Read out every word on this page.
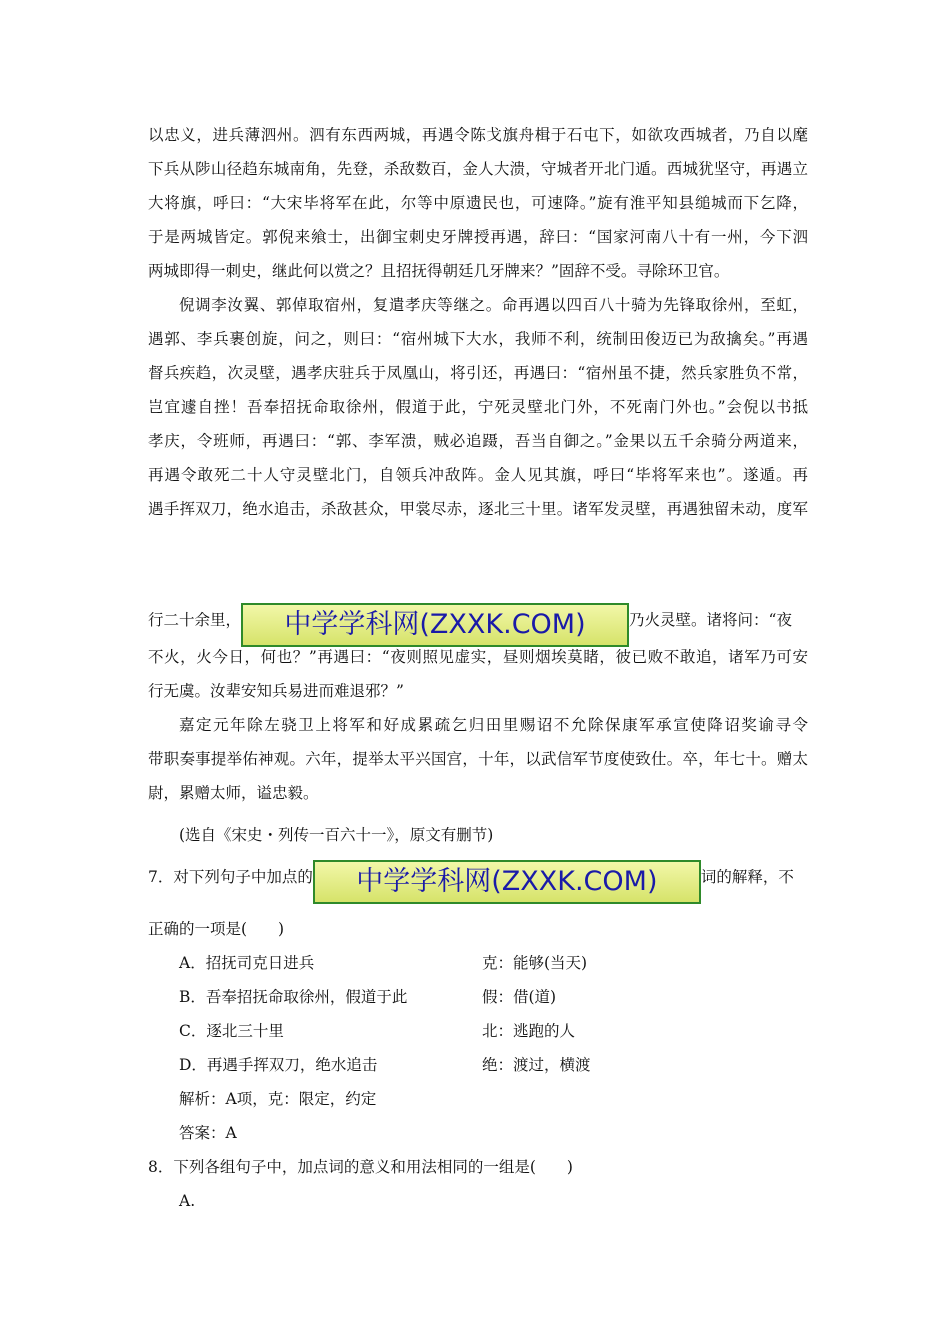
以忠义，进兵薄泗州。泗有东西两城，再遇令陈戈旗舟楫于石屯下，如欲攻西城者，乃自以麾
下兵从陟山径趋东城南角，先登，杀敌数百，金人大溃，守城者开北门遁。西城犹坚守，再遇立
大将旗，呼曰：“大宋毕将军在此，尔等中原遗民也，可速降。”旋有淮平知县缒城而下乞降，
于是两城皆定。郭倪来飨士，出御宝刺史牙牌授再遇，辞曰：“国家河南八十有一州，今下泗
两城即得一刺史，继此何以赏之？且招抚得朝廷几牙牌来？”固辞不受。寻除环卫官。
倪调李汝翼、郭倬取宿州，复遣孝庆等继之。命再遇以四百八十骑为先锋取徐州，至虹，
遇郭、李兵裹创旋，问之，则曰：“宿州城下大水，我师不利，统制田俊迈已为敌擒矣。”再遇
督兵疾趋，次灵壁，遇孝庆驻兵于凤凰山，将引还，再遇曰：“宿州虽不捷，然兵家胜负不常，
岂宜遽自挫！吾奉招抚命取徐州，假道于此，宁死灵壁北门外，不死南门外也。”会倪以书抵
孝庆，令班师，再遇曰：“郭、李军溃，贼必追蹑，吾当自御之。”金果以五千余骑分两道来，
再遇令敢死二十人守灵壁北门，自领兵冲敌阵。金人见其旗，呼曰“毕将军来也”。遂遁。再
遇手挥双刀，绝水追击，杀敌甚众，甲裳尽赤，逐北三十里。诸军发灵壁，再遇独留未动，度军
行二十余里， 中学学科网(ZXXK.COM)	乃火灵壁。诸将问：“夜
不火，火今日，何也？”再遇曰：“夜则照见虚实，昼则烟埃莫睹，彼已败不敢追，诸军乃可安
行无虞。汝辈安知兵易进而难退邪？”
嘉定元年除左骁卫上将军和好成累疏乞归田里赐诏不允除保康军承宣使降诏奖谕寻令
带职奏事提举佑神观。六年，提举太平兴国宫，十年，以武信军节度使致仕。卒，年七十。赠太
尉，累赠太师，谥忠毅。
(选自《宋史・列传一百六十一》，原文有删节)
7．对下列句子中加点的 中学学科网(ZXXK.COM)	词的解释，不
正确的一项是(　　)
A．招抚司克日进兵	克：能够(当天)
B．吾奉招抚命取徐州，假道于此	假：借(道)
C．逐北三十里	北：逃跑的人
D．再遇手挥双刀，绝水追击	绝：渡过，横渡
解析：A项，克：限定，约定
答案：A
8．下列各组句子中，加点词的意义和用法相同的一组是(　　)
A.
